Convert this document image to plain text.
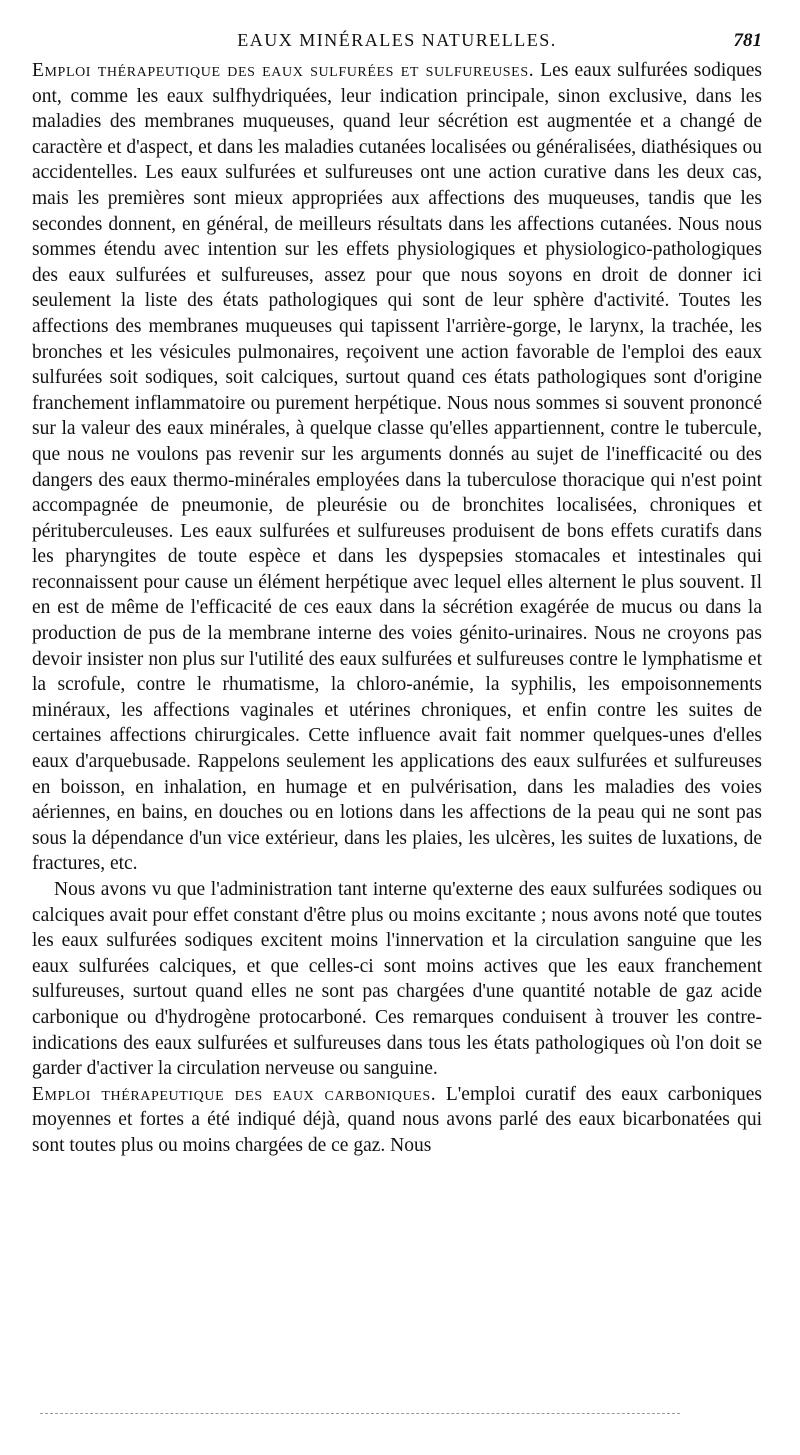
EAUX MINÉRALES NATURELLES.	781

Emploi thérapeutique des eaux sulfurées et sulfureuses. Les eaux sulfurées sodiques ont, comme les eaux sulfhydriquées, leur indication principale, sinon exclusive, dans les maladies des membranes muqueuses, quand leur sécrétion est augmentée et a changé de caractère et d'aspect, et dans les maladies cutanées localisées ou généralisées, diathésiques ou accidentelles. Les eaux sulfurées et sulfureuses ont une action curative dans les deux cas, mais les premières sont mieux appropriées aux affections des muqueuses, tandis que les secondes donnent, en général, de meilleurs résultats dans les affections cutanées. Nous nous sommes étendu avec intention sur les effets physiologiques et physiologico-pathologiques des eaux sulfurées et sulfureuses, assez pour que nous soyons en droit de donner ici seulement la liste des états pathologiques qui sont de leur sphère d'activité. Toutes les affections des membranes muqueuses qui tapissent l'arrière-gorge, le larynx, la trachée, les bronches et les vésicules pulmonaires, reçoivent une action favorable de l'emploi des eaux sulfurées soit sodiques, soit calciques, surtout quand ces états pathologiques sont d'origine franchement inflammatoire ou purement herpétique. Nous nous sommes si souvent prononcé sur la valeur des eaux minérales, à quelque classe qu'elles appartiennent, contre le tubercule, que nous ne voulons pas revenir sur les arguments donnés au sujet de l'inefficacité ou des dangers des eaux thermo-minérales employées dans la tuberculose thoracique qui n'est point accompagnée de pneumonie, de pleurésie ou de bronchites localisées, chroniques et pérituberculeuses. Les eaux sulfurées et sulfureuses produisent de bons effets curatifs dans les pharyngites de toute espèce et dans les dyspepsies stomacales et intestinales qui reconnaissent pour cause un élément herpétique avec lequel elles alternent le plus souvent. Il en est de même de l'efficacité de ces eaux dans la sécrétion exagérée de mucus ou dans la production de pus de la membrane interne des voies génito-urinaires. Nous ne croyons pas devoir insister non plus sur l'utilité des eaux sulfurées et sulfureuses contre le lymphatisme et la scrofule, contre le rhumatisme, la chloro-anémie, la syphilis, les empoisonnements minéraux, les affections vaginales et utérines chroniques, et enfin contre les suites de certaines affections chirurgicales. Cette influence avait fait nommer quelques-unes d'elles eaux d'arquebusade. Rappelons seulement les applications des eaux sulfurées et sulfureuses en boisson, en inhalation, en humage et en pulvérisation, dans les maladies des voies aériennes, en bains, en douches ou en lotions dans les affections de la peau qui ne sont pas sous la dépendance d'un vice extérieur, dans les plaies, les ulcères, les suites de luxations, de fractures, etc.

Nous avons vu que l'administration tant interne qu'externe des eaux sulfurées sodiques ou calciques avait pour effet constant d'être plus ou moins excitante ; nous avons noté que toutes les eaux sulfurées sodiques excitent moins l'innervation et la circulation sanguine que les eaux sulfurées calciques, et que celles-ci sont moins actives que les eaux franchement sulfureuses, surtout quand elles ne sont pas chargées d'une quantité notable de gaz acide carbonique ou d'hydrogène protocarboné. Ces remarques conduisent à trouver les contre-indications des eaux sulfurées et sulfureuses dans tous les états pathologiques où l'on doit se garder d'activer la circulation nerveuse ou sanguine.

Emploi thérapeutique des eaux carboniques. L'emploi curatif des eaux carboniques moyennes et fortes a été indiqué déjà, quand nous avons parlé des eaux bicarbonatées qui sont toutes plus ou moins chargées de ce gaz. Nous
